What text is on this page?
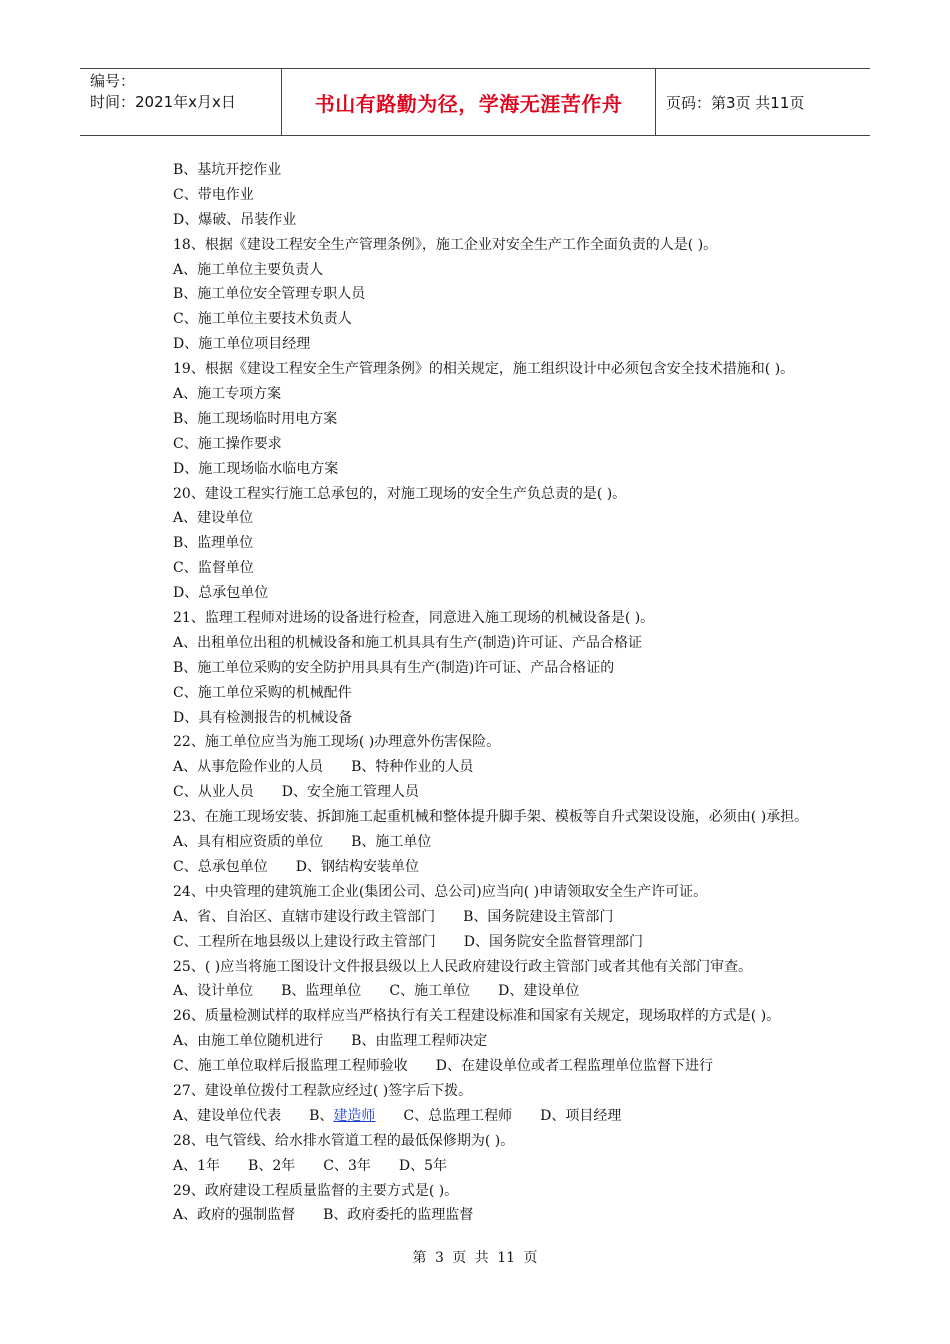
编号：
时间：2021年x月x日	书山有路勤为径，学海无涯苦作舟	页码：第3页 共11页
B、基坑开挖作业
C、带电作业
D、爆破、吊装作业
18、根据《建设工程安全生产管理条例》，施工企业对安全生产工作全面负责的人是( )。
A、施工单位主要负责人
B、施工单位安全管理专职人员
C、施工单位主要技术负责人
D、施工单位项目经理
19、根据《建设工程安全生产管理条例》的相关规定，施工组织设计中必须包含安全技术措施和( )。
A、施工专项方案
B、施工现场临时用电方案
C、施工操作要求
D、施工现场临水临电方案
20、建设工程实行施工总承包的，对施工现场的安全生产负总责的是( )。
A、建设单位
B、监理单位
C、监督单位
D、总承包单位
21、监理工程师对进场的设备进行检查，同意进入施工现场的机械设备是( )。
A、出租单位出租的机械设备和施工机具具有生产(制造)许可证、产品合格证
B、施工单位采购的安全防护用具具有生产(制造)许可证、产品合格证的
C、施工单位采购的机械配件
D、具有检测报告的机械设备
22、施工单位应当为施工现场( )办理意外伤害保险。
A、从事危险作业的人员 B、特种作业的人员
C、从业人员 D、安全施工管理人员
23、在施工现场安装、拆卸施工起重机械和整体提升脚手架、模板等自升式架设设施，必须由( )承担。
A、具有相应资质的单位 B、施工单位
C、总承包单位 D、钢结构安装单位
24、中央管理的建筑施工企业(集团公司、总公司)应当向( )申请领取安全生产许可证。
A、省、自治区、直辖市建设行政主管部门 B、国务院建设主管部门
C、工程所在地县级以上建设行政主管部门 D、国务院安全监督管理部门
25、( )应当将施工图设计文件报县级以上人民政府建设行政主管部门或者其他有关部门审查。
A、设计单位 B、监理单位 C、施工单位 D、建设单位
26、质量检测试样的取样应当严格执行有关工程建设标准和国家有关规定，现场取样的方式是( )。
A、由施工单位随机进行 B、由监理工程师决定
C、施工单位取样后报监理工程师验收 D、在建设单位或者工程监理单位监督下进行
27、建设单位拨付工程款应经过( )签字后下拨。
A、建设单位代表 B、建造师 C、总监理工程师 D、项目经理
28、电气管线、给水排水管道工程的最低保修期为( )。
A、1年 B、2年 C、3年 D、5年
29、政府建设工程质量监督的主要方式是( )。
A、政府的强制监督 B、政府委托的监理监督
第 3 页 共 11 页
